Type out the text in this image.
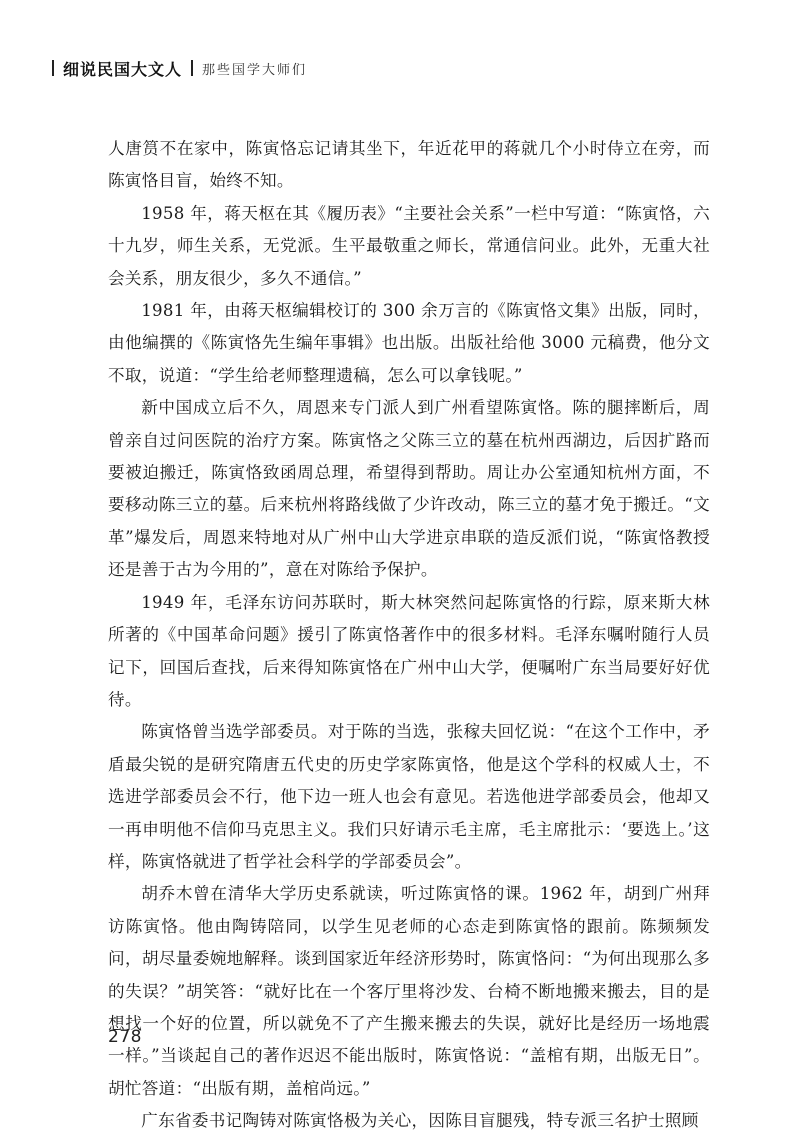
细说民国大文人 那些国学大师们

人唐筼不在家中，陈寅恪忘记请其坐下，年近花甲的蒋就几个小时侍立在旁，而陈寅恪目盲，始终不知。

1958 年，蒋天枢在其《履历表》“主要社会关系”一栏中写道：“陈寅恪，六十九岁，师生关系，无党派。生平最敬重之师长，常通信问业。此外，无重大社会关系，朋友很少，多久不通信。”

1981 年，由蒋天枢编辑校订的 300 余万言的《陈寅恪文集》出版，同时，由他编撰的《陈寅恪先生编年事辑》也出版。出版社给他 3000 元稿费，他分文不取，说道：“学生给老师整理遗稿，怎么可以拿钱呢。”

新中国成立后不久，周恩来专门派人到广州看望陈寅恪。陈的腿摔断后，周曾亲自过问医院的治疗方案。陈寅恪之父陈三立的墓在杭州西湖边，后因扩路而要被迫搬迁，陈寅恪致函周总理，希望得到帮助。周让办公室通知杭州方面，不要移动陈三立的墓。后来杭州将路线做了少许改动，陈三立的墓才免于搬迁。“文革”爆发后，周恩来特地对从广州中山大学进京串联的造反派们说，“陈寅恪教授还是善于古为今用的”，意在对陈给予保护。

1949 年，毛泽东访问苏联时，斯大林突然问起陈寅恪的行踪，原来斯大林所著的《中国革命问题》援引了陈寅恪著作中的很多材料。毛泽东嘱咐随行人员记下，回国后查找，后来得知陈寅恪在广州中山大学，便嘱咐广东当局要好好优待。

陈寅恪曾当选学部委员。对于陈的当选，张稼夫回忆说：“在这个工作中，矛盾最尖锐的是研究隋唐五代史的历史学家陈寅恪，他是这个学科的权威人士，不选进学部委员会不行，他下边一班人也会有意见。若选他进学部委员会，他却又一再申明他不信仰马克思主义。我们只好请示毛主席，毛主席批示：‘要选上。’这样，陈寅恪就进了哲学社会科学的学部委员会”。

胡乔木曾在清华大学历史系就读，听过陈寅恪的课。1962 年，胡到广州拜访陈寅恪。他由陶铸陪同，以学生见老师的心态走到陈寅恪的跟前。陈频频发问，胡尽量委婉地解释。谈到国家近年经济形势时，陈寅恪问：“为何出现那么多的失误？”胡笑答：“就好比在一个客厅里将沙发、台椅不断地搬来搬去，目的是想找一个好的位置，所以就免不了产生搬来搬去的失误，就好比是经历一场地震一样。”当谈起自己的著作迟迟不能出版时，陈寅恪说：“盖棺有期，出版无日”。胡忙答道：“出版有期，盖棺尚远。”

广东省委书记陶铸对陈寅恪极为关心，因陈目盲腿残，特专派三名护士照顾

278
